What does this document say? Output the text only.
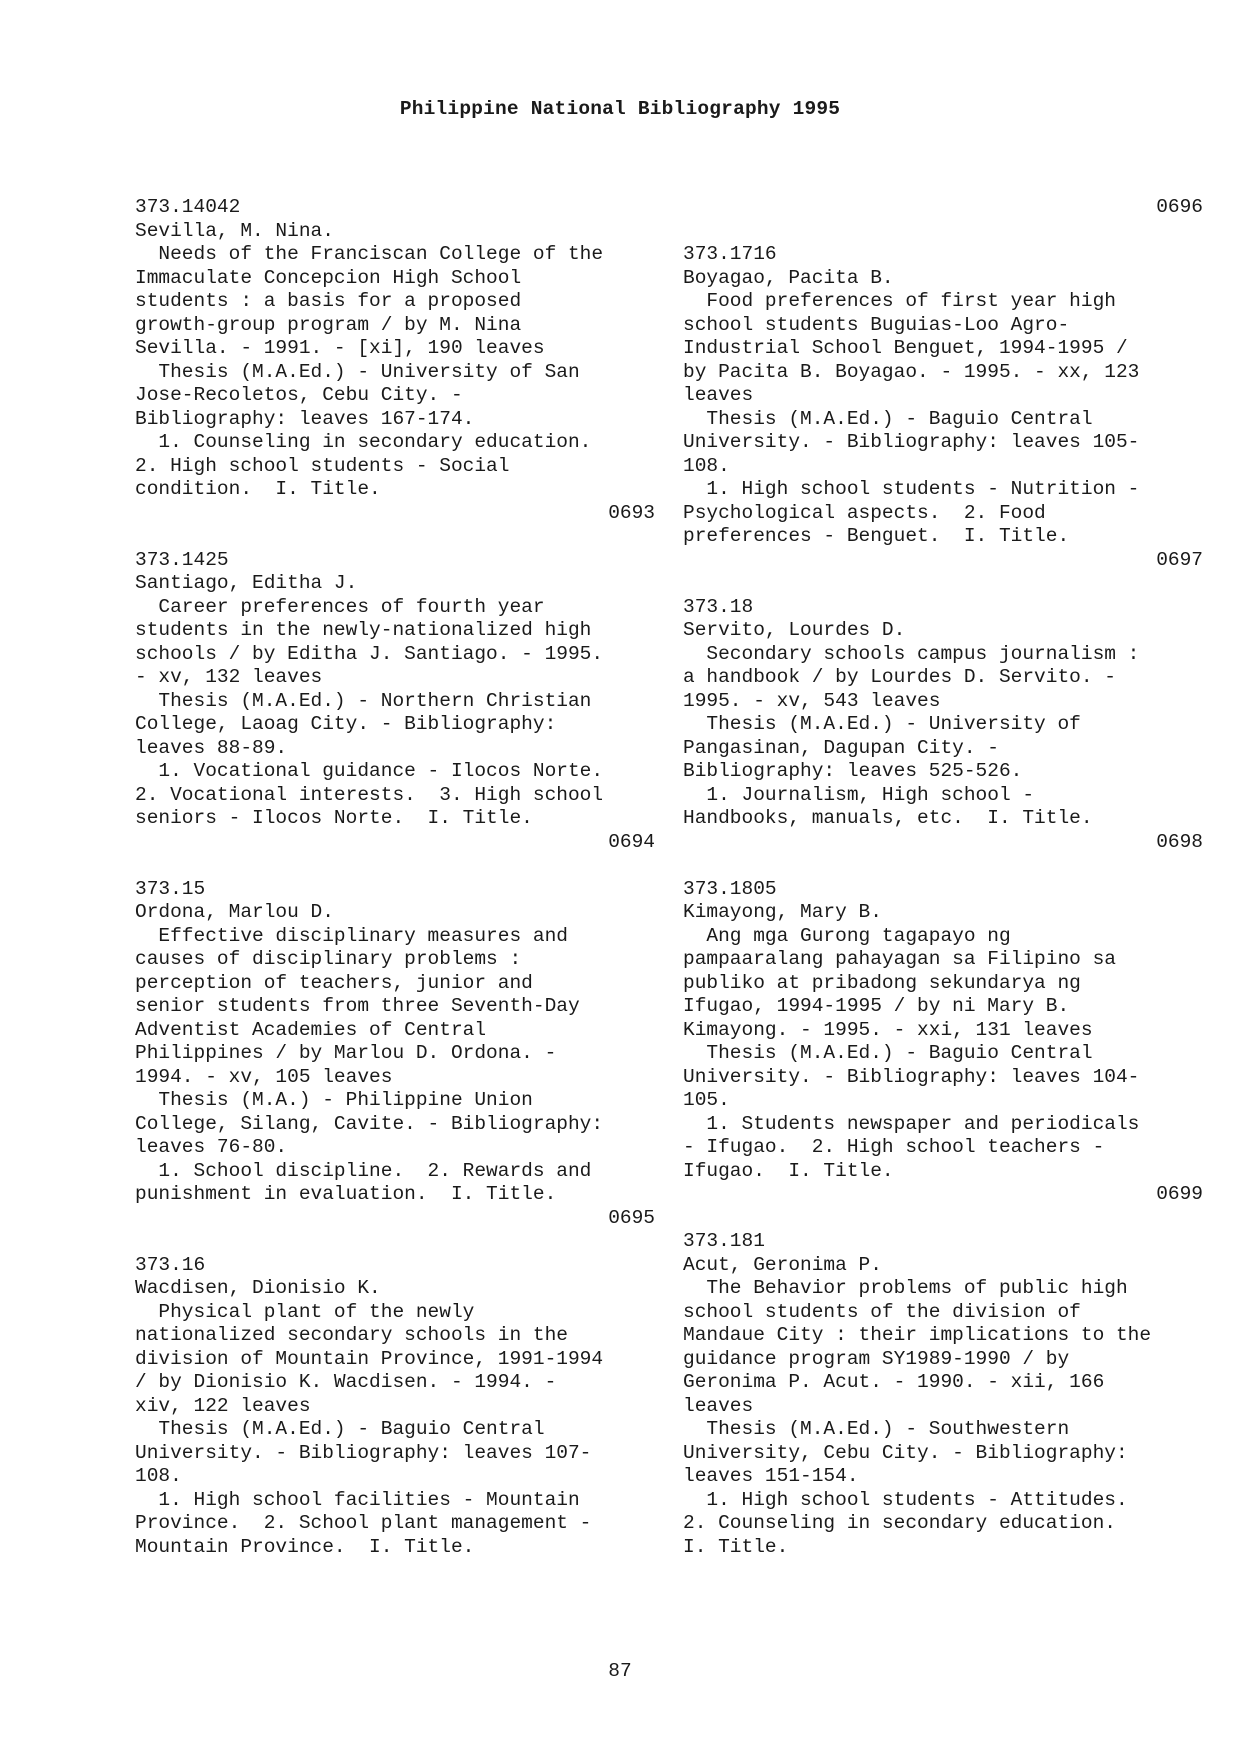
Philippine National Bibliography 1995
373.14042
Sevilla, M. Nina.
Needs of the Franciscan College of the
Immaculate Concepcion High School
students : a basis for a proposed
growth-group program / by M. Nina
Sevilla. - 1991. - [xi], 190 leaves
Thesis (M.A.Ed.) - University of San
Jose-Recoletos, Cebu City. -
Bibliography: leaves 167-174.
1. Counseling in secondary education.
2. High school students - Social
condition.  I. Title.
0693

373.1425
Santiago, Editha J.
Career preferences of fourth year
students in the newly-nationalized high
schools / by Editha J. Santiago. - 1995.
- xv, 132 leaves
Thesis (M.A.Ed.) - Northern Christian
College, Laoag City. - Bibliography:
leaves 88-89.
1. Vocational guidance - Ilocos Norte.
2. Vocational interests.  3. High school
seniors - Ilocos Norte.  I. Title.
0694

373.15
Ordona, Marlou D.
Effective disciplinary measures and
causes of disciplinary problems :
perception of teachers, junior and
senior students from three Seventh-Day
Adventist Academies of Central
Philippines / by Marlou D. Ordona. -
1994. - xv, 105 leaves
Thesis (M.A.) - Philippine Union
College, Silang, Cavite. - Bibliography:
leaves 76-80.
1. School discipline.  2. Rewards and
punishment in evaluation.  I. Title.
0695

373.16
Wacdisen, Dionisio K.
Physical plant of the newly
nationalized secondary schools in the
division of Mountain Province, 1991-1994
/ by Dionisio K. Wacdisen. - 1994. -
xiv, 122 leaves
Thesis (M.A.Ed.) - Baguio Central
University. - Bibliography: leaves 107-
108.
1. High school facilities - Mountain
Province.  2. School plant management -
Mountain Province.  I. Title.
0696

373.1716
Boyagao, Pacita B.
Food preferences of first year high
school students Buguias-Loo Agro-
Industrial School Benguet, 1994-1995 /
by Pacita B. Boyagao. - 1995. - xx, 123
leaves
Thesis (M.A.Ed.) - Baguio Central
University. - Bibliography: leaves 105-
108.
1. High school students - Nutrition -
Psychological aspects.  2. Food
preferences - Benguet.  I. Title.
0697

373.18
Servito, Lourdes D.
Secondary schools campus journalism :
a handbook / by Lourdes D. Servito. -
1995. - xv, 543 leaves
Thesis (M.A.Ed.) - University of
Pangasinan, Dagupan City. -
Bibliography: leaves 525-526.
1. Journalism, High school -
Handbooks, manuals, etc.  I. Title.
0698

373.1805
Kimayong, Mary B.
Ang mga Gurong tagapayo ng
pampaaralang pahayagan sa Filipino sa
publiko at pribadong sekundarya ng
Ifugao, 1994-1995 / by ni Mary B.
Kimayong. - 1995. - xxi, 131 leaves
Thesis (M.A.Ed.) - Baguio Central
University. - Bibliography: leaves 104-
105.
1. Students newspaper and periodicals
- Ifugao.  2. High school teachers -
Ifugao.  I. Title.
0699

373.181
Acut, Geronima P.
The Behavior problems of public high
school students of the division of
Mandaue City : their implications to the
guidance program SY1989-1990 / by
Geronima P. Acut. - 1990. - xii, 166
leaves
Thesis (M.A.Ed.) - Southwestern
University, Cebu City. - Bibliography:
leaves 151-154.
1. High school students - Attitudes.
2. Counseling in secondary education.
I. Title.
87
